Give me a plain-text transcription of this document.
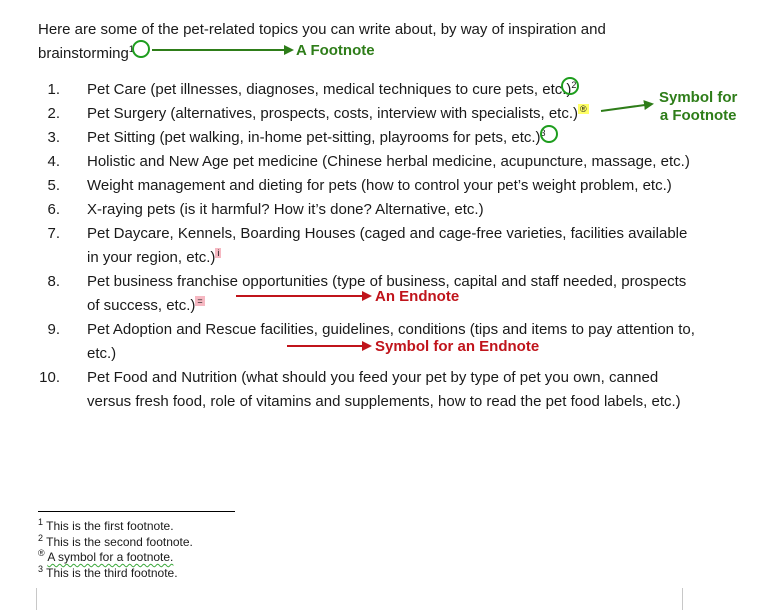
Here are some of the pet-related topics you can write about, by way of inspiration and
brainstorming$^1$
1. Pet Care (pet illnesses, diagnoses, medical techniques to cure pets, etc.)$^2$
2. Pet Surgery (alternatives, prospects, costs, interview with specialists, etc.) ®
3. Pet Sitting (pet walking, in-home pet-sitting, playrooms for pets, etc.)$^3$
4. Holistic and New Age pet medicine (Chinese herbal medicine, acupuncture, massage, etc.)
5. Weight management and dieting for pets (how to control your pet’s weight problem, etc.)
6. X-raying pets (is it harmful? How it’s done? Alternative, etc.)
7. Pet Daycare, Kennels, Boarding Houses (caged and cage-free varieties, facilities available in your region, etc.) $^i$
8. Pet business franchise opportunities (type of business, capital and staff needed, prospects of success, etc.) =
9. Pet Adoption and Rescue facilities, guidelines, conditions (tips and items to pay attention to, etc.)
10. Pet Food and Nutrition (what should you feed your pet by type of pet you own, canned versus fresh food, role of vitamins and supplements, how to read the pet food labels, etc.)
A Footnote
Symbol for
a Footnote
An Endnote
Symbol for an Endnote
$^1$ This is the first footnote.
$^2$ This is the second footnote.
® A symbol for a footnote.
$^3$ This is the third footnote.
